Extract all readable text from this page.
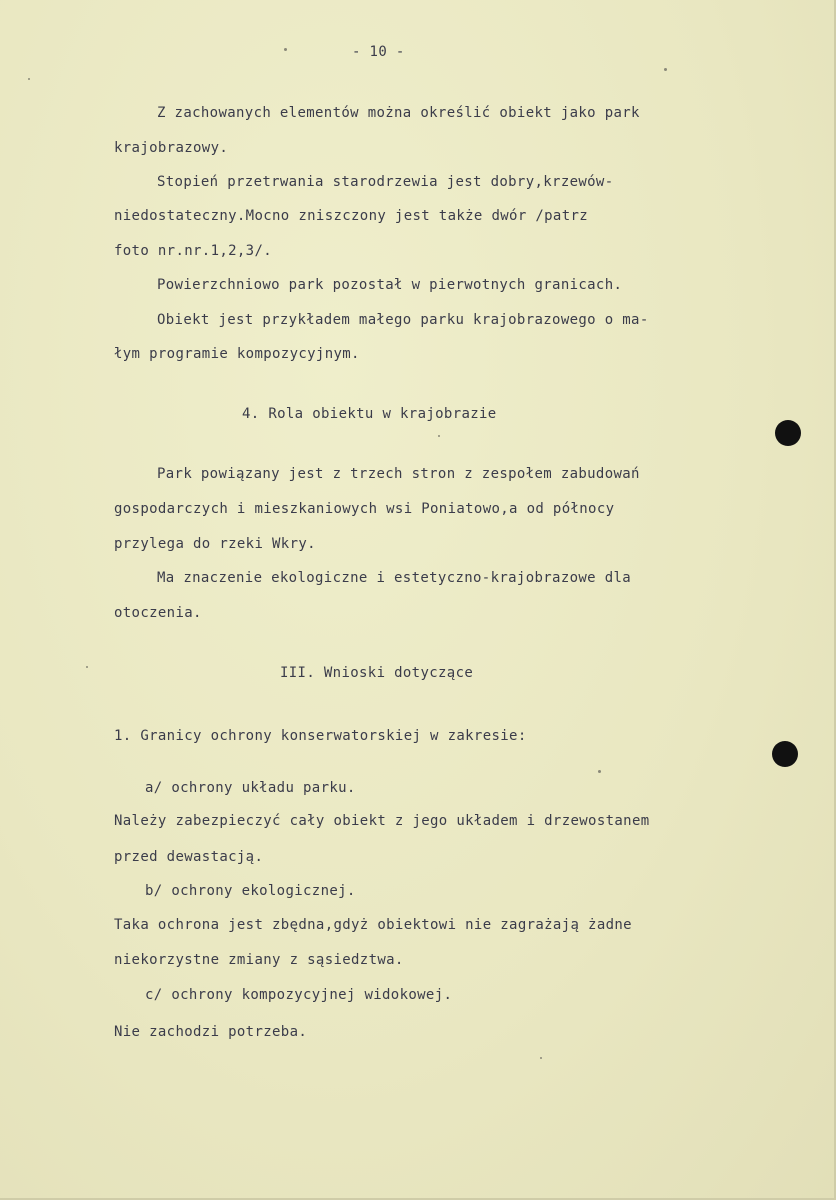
- 10 -
Z zachowanych elementów można określić obiekt jako park
krajobrazowy.
Stopień przetrwania starodrzewia jest dobry,krzewów-
niedostateczny.Mocno zniszczony jest także dwór /patrz
foto nr.nr.1,2,3/.
Powierzchniowo park pozostał w pierwotnych granicach.
Obiekt jest przykładem małego parku krajobrazowego o ma-
łym programie kompozycyjnym.
4. Rola obiektu w krajobrazie
Park powiązany jest z trzech stron z zespołem zabudowań
gospodarczych i mieszkaniowych wsi Poniatowo,a od północy
przylega do rzeki Wkry.
Ma znaczenie ekologiczne i estetyczno-krajobrazowe dla
otoczenia.
III. Wnioski dotyczące
1. Granicy ochrony konserwatorskiej w zakresie:
a/ ochrony układu parku.
Należy zabezpieczyć cały obiekt z jego układem i drzewostanem
przed dewastacją.
b/ ochrony ekologicznej.
Taka ochrona jest zbędna,gdyż obiektowi nie zagrażają żadne
niekorzystne zmiany z sąsiedztwa.
c/ ochrony kompozycyjnej widokowej.
Nie zachodzi potrzeba.
